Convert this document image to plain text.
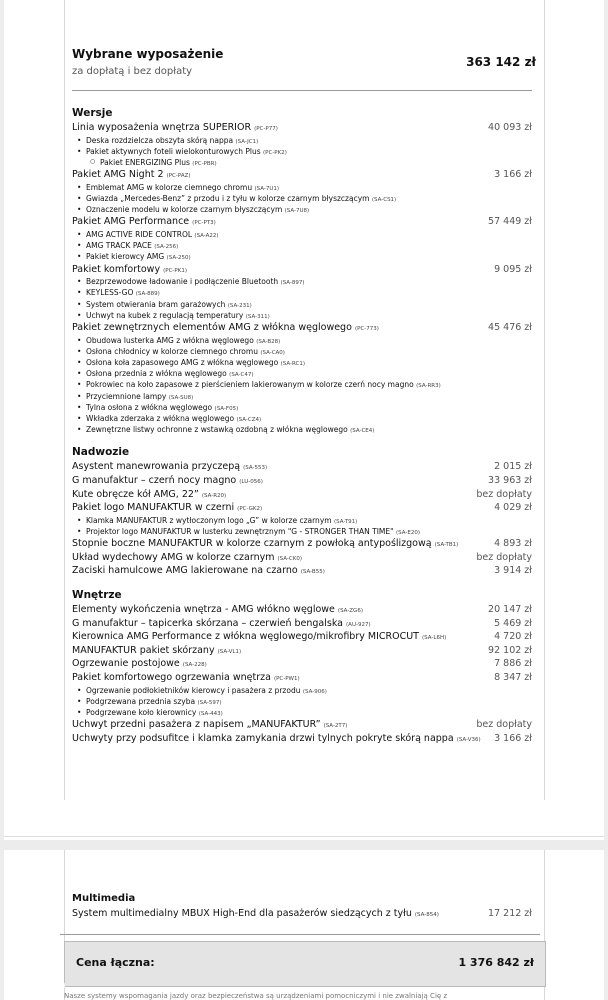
Wybrane wyposażenie
za dopłatą i bez dopłaty
363 142 zł
Wersje
Linia wyposażenia wnętrza SUPERIOR (PC-P77)	40 093 zł
• Deska rozdzielcza obszyta skórą nappa (SA-JC1)
• Pakiet aktywnych foteli wielokonturowych Plus (PC-PK2)
○ Pakiet ENERGIZING Plus (PC-PBR)
Pakiet AMG Night 2 (PC-PAZ)	3 166 zł
• Emblemat AMG w kolorze ciemnego chromu (SA-7U1)
• Gwiazda „Mercedes-Benz” z przodu i z tyłu w kolorze czarnym błyszczącym (SA-CS1)
• Oznaczenie modelu w kolorze czarnym błyszczącym (SA-7U8)
Pakiet AMG Performance (PC-PT3)	57 449 zł
• AMG ACTIVE RIDE CONTROL (SA-A22)
• AMG TRACK PACE (SA-256)
• Pakiet kierowcy AMG (SA-250)
Pakiet komfortowy (PC-PK1)	9 095 zł
• Bezprzewodowe ładowanie i podłączenie Bluetooth (SA-897)
• KEYLESS-GO (SA-889)
• System otwierania bram garażowych (SA-231)
• Uchwyt na kubek z regulacją temperatury (SA-311)
Pakiet zewnętrznych elementów AMG z włókna węglowego (PC-773)	45 476 zł
• Obudowa lusterka AMG z włókna węglowego (SA-B28)
• Osłona chłodnicy w kolorze ciemnego chromu (SA-CA0)
• Osłona koła zapasowego AMG z włókna węglowego (SA-RC1)
• Osłona przednia z włókna węglowego (SA-C47)
• Pokrowiec na koło zapasowe z pierścieniem lakierowanym w kolorze czerń nocy magno (SA-RR3)
• Przyciemnione lampy (SA-SU8)
• Tylna osłona z włókna węglowego (SA-F05)
• Wkładka zderzaka z włókna węglowego (SA-CZ4)
• Zewnętrzne listwy ochronne z wstawką ozdobną z włókna węglowego (SA-CE4)
Nadwozie
Asystent manewrowania przyczepą (SA-553)	2 015 zł
G manufaktur – czerń nocy magno (LU-056)	33 963 zł
Kute obręcze kół AMG, 22” (SA-R20)	bez dopłaty
Pakiet logo MANUFAKTUR w czerni (PC-GK2)	4 029 zł
• Klamka MANUFAKTUR z wytłoczonym logo „G” w kolorze czarnym (SA-T91)
• Projektor logo MANUFAKTUR w lusterku zewnętrznym "G - STRONGER THAN TIME" (SA-E20)
Stopnie boczne MANUFAKTUR w kolorze czarnym z powłoką antypoślizgową (SA-TB1)	4 893 zł
Układ wydechowy AMG w kolorze czarnym (SA-CK0)	bez dopłaty
Zaciski hamulcowe AMG lakierowane na czarno (SA-B55)	3 914 zł
Wnętrze
Elementy wykończenia wnętrza - AMG włókno węglowe (SA-ZG6)	20 147 zł
G manufaktur – tapicerka skórzana – czerwień bengalska (AU-927)	5 469 zł
Kierownica AMG Performance z włókna węglowego/mikrofibry MICROCUT (SA-L6H)	4 720 zł
MANUFAKTUR pakiet skórzany (SA-VL1)	92 102 zł
Ogrzewanie postojowe (SA-228)	7 886 zł
Pakiet komfortowego ogrzewania wnętrza (PC-PW1)	8 347 zł
• Ogrzewanie podłokietników kierowcy i pasażera z przodu (SA-906)
• Podgrzewana przednia szyba (SA-597)
• Podgrzewane koło kierownicy (SA-443)
Uchwyt przedni pasażera z napisem „MANUFAKTUR” (SA-2T7)	bez dopłaty
Uchwyty przy podsufitce i klamka zamykania drzwi tylnych pokryte skórą nappa (SA-V36) 3 166 zł
Multimedia
System multimedialny MBUX High-End dla pasażerów siedzących z tyłu (SA-854)	17 212 zł
Cena łączna:	1 376 842 zł
Nasze systemy wspomagania jazdy oraz bezpieczeństwa są urządzeniami pomocniczymi i nie zwalniają Cię z
otomoto
